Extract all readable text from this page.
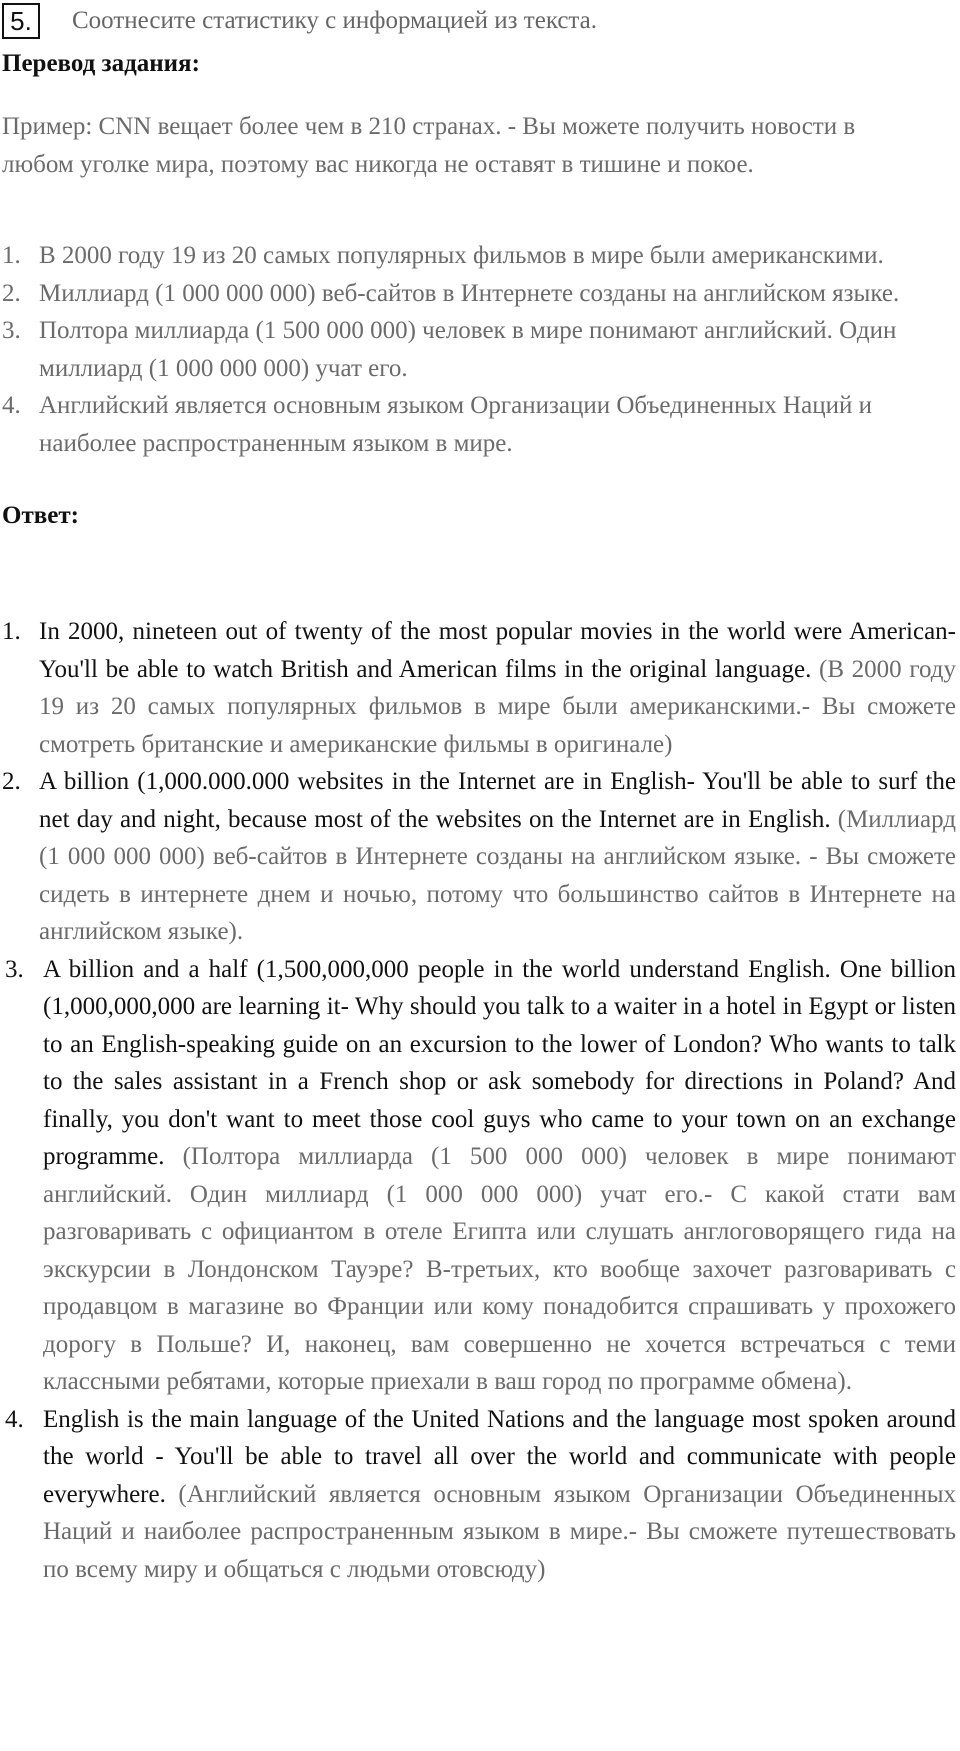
5.	Соотнесите статистику с информацией из текста.
Перевод задания:
Пример: CNN вещает более чем в 210 странах. - Вы можете получить новости в любом уголке мира, поэтому вас никогда не оставят в тишине и покое.
1. В 2000 году 19 из 20 самых популярных фильмов в мире были американскими.
2. Миллиард (1 000 000 000) веб-сайтов в Интернете созданы на английском языке.
3. Полтора миллиарда (1 500 000 000) человек в мире понимают английский. Один миллиард (1 000 000 000) учат его.
4. Английский является основным языком Организации Объединенных Наций и наиболее распространенным языком в мире.
Ответ:
1. In 2000, nineteen out of twenty of the most popular movies in the world were American- You'll be able to watch British and American films in the original language. (В 2000 году 19 из 20 самых популярных фильмов в мире были американскими.- Вы сможете смотреть британские и американские фильмы в оригинале)
2. A billion (1,000.000.000 websites in the Internet are in English- You'll be able to surf the net day and night, because most of the websites on the Internet are in English. (Миллиард (1 000 000 000) веб-сайтов в Интернете созданы на английском языке. - Вы сможете сидеть в интернете днем и ночью, потому что большинство сайтов в Интернете на английском языке).
3. A billion and a half (1,500,000,000 people in the world understand English. One billion (1,000,000,000 are learning it- Why should you talk to a waiter in a hotel in Egypt or listen to an English-speaking guide on an excursion to the lower of London? Who wants to talk to the sales assistant in a French shop or ask somebody for directions in Poland? And finally, you don't want to meet those cool guys who came to your town on an exchange programme. (Полтора миллиарда (1 500 000 000) человек в мире понимают английский. Один миллиард (1 000 000 000) учат его.- С какой стати вам разговаривать с официантом в отеле Египта или слушать англоговорящего гида на экскурсии в Лондонском Тауэре? В-третьих, кто вообще захочет разговаривать с продавцом в магазине во Франции или кому понадобится спрашивать у прохожего дорогу в Польше? И, наконец, вам совершенно не хочется встречаться с теми классными ребятами, которые приехали в ваш город по программе обмена).
4. English is the main language of the United Nations and the language most spoken around the world - You'll be able to travel all over the world and communicate with people everywhere. (Английский является основным языком Организации Объединенных Наций и наиболее распространенным языком в мире.- Вы сможете путешествовать по всему миру и общаться с людьми отовсюду)
